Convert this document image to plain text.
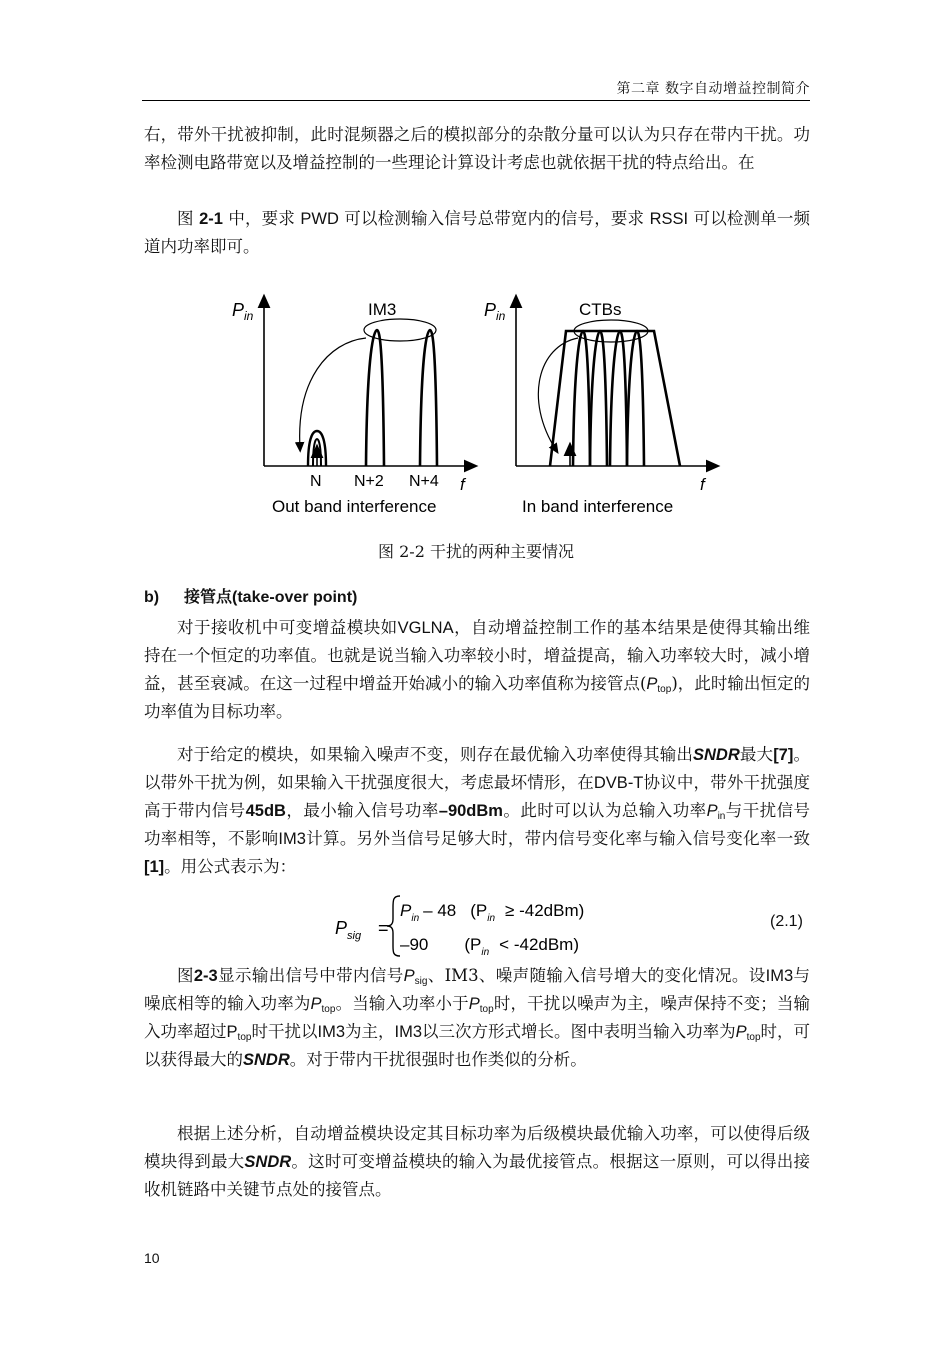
第二章 数字自动增益控制简介

右，带外干扰被抑制，此时混频器之后的模拟部分的杂散分量可以认为只存在带内干扰。功率检测电路带宽以及增益控制的一些理论计算设计考虑也就依据干扰的特点给出。在

图 2-1 中，要求 PWD 可以检测输入信号总带宽内的信号，要求 RSSI 可以检测单一频道内功率即可。

$P_{in}$	IM3
N N+2 N+4 f
Out band interference
$P_{in}$	CTBs
f
In band interference
图 2-2 干扰的两种主要情况
b) 接管点(take-over point)

对于接收机中可变增益模块如VGLNA，自动增益控制工作的基本结果是使得其输出维持在一个恒定的功率值。也就是说当输入功率较小时，增益提高，输入功率较大时，减小增益，甚至衰减。在这一过程中增益开始减小的输入功率值称为接管点$(P_{top})$，此时输出恒定的功率值为目标功率。

对于给定的模块，如果输入噪声不变，则存在最优输入功率使得其输出SNDR最大[7]。以带外干扰为例，如果输入干扰强度很大，考虑最坏情形，在DVB-T协议中，带外干扰强度高于带内信号45dB，最小输入信号功率–90dBm。此时可以认为总输入功率$P_{in}$与干扰信号功率相等，不影响IM3计算。另外当信号足够大时，带内信号变化率与输入信号变化率一致[1]。用公式表示为：

$P_{sig}$ =
$P_{in} - 48$ $(P_{in} \ge -42dBm)$
–90 $(P_{in} < -42dBm)$
(2.1)

图2-3显示输出信号中带内信号$P_{sig}$、IM3、噪声随输入信号增大的变化情况。设IM3与噪底相等的输入功率为$P_{top}$。当输入功率小于$P_{top}$时，干扰以噪声为主，噪声保持不变；当输入功率超过$P_{top}$时干扰以IM3为主，IM3以三次方形式增长。图中表明当输入功率为$P_{top}$时，可以获得最大的SNDR。对于带内干扰很强时也作类似的分析。

根据上述分析，自动增益模块设定其目标功率为后级模块最优输入功率，可以使得后级模块得到最大SNDR。这时可变增益模块的输入为最优接管点。根据这一原则，可以得出接收机链路中关键节点处的接管点。

10
